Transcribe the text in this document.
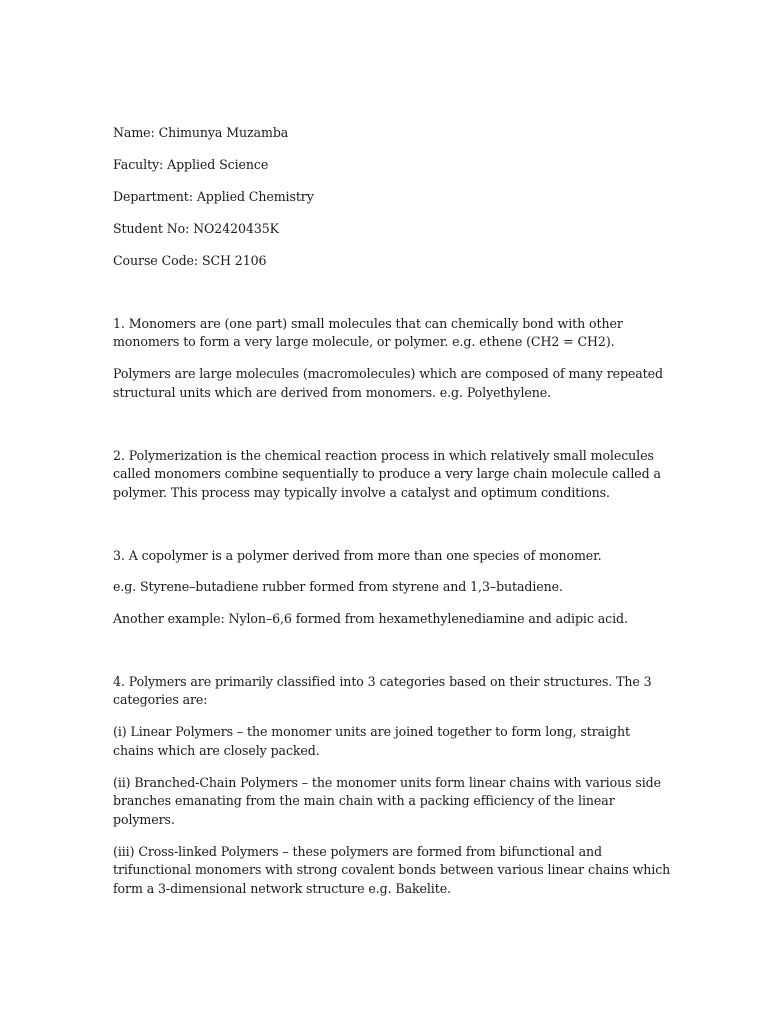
Name: Chimunya Muzamba
Faculty: Applied Science
Department: Applied Chemistry
Student No: NO2420435K
Course Code: SCH 2106

1. Monomers are (one part) small molecules that can chemically bond with other monomers to form a very large molecule, or polymer. e.g. ethene (CH2 = CH2).

Polymers are large molecules (macromolecules) which are composed of many repeated structural units which are derived from monomers. e.g. Polyethylene.

2. Polymerization is the chemical reaction process in which relatively small molecules called monomers combine sequentially to produce a very large chain molecule called a polymer. This process may typically involve a catalyst and optimum conditions.

3. A copolymer is a polymer derived from more than one species of monomer.

e.g. Styrene–butadiene rubber formed from styrene and 1,3–butadiene.

Another example: Nylon–6,6 formed from hexamethylenediamine and adipic acid.

4. Polymers are primarily classified into 3 categories based on their structures. The 3 categories are:

(i) Linear Polymers – the monomer units are joined together to form long, straight chains which are closely packed.

(ii) Branched-Chain Polymers – the monomer units form linear chains with various side branches emanating from the main chain with a packing efficiency of the linear polymers.

(iii) Cross-linked Polymers – these polymers are formed from bifunctional and trifunctional monomers with strong covalent bonds between various linear chains which form a 3-dimensional network structure e.g. Bakelite.
